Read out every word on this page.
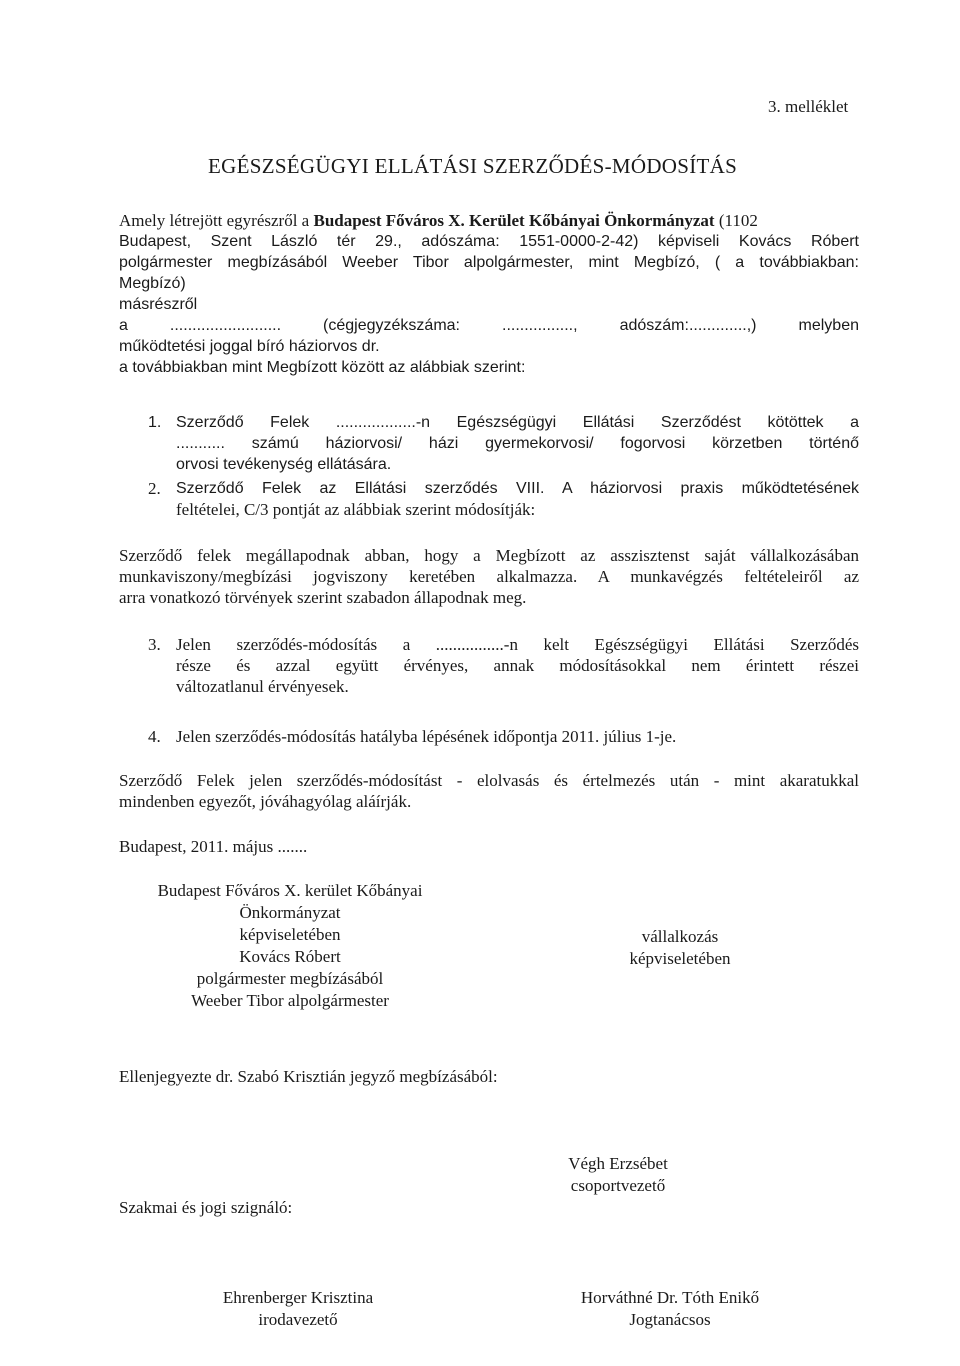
3. melléklet
EGÉSZSÉGÜGYI ELLÁTÁSI SZERZŐDÉS-MÓDOSÍTÁS

Amely létrejött egyrészről a Budapest Főváros X. Kerület Kőbányai Önkormányzat (1102

Budapest, Szent László tér 29., adószáma: 1551-0000-2-42) képviseli Kovács Róbert

polgármester megbízásából Weeber Tibor alpolgármester, mint Megbízó, ( a továbbiakban:

Megbízó)

másrészről

a ......................... (cégjegyzékszáma: ................, adószám:.............,) melyben

működtetési joggal bíró háziorvos dr.

a továbbiakban mint Megbízott között az alábbiak szerint:

1. Szerződő Felek ..................-n Egészségügyi Ellátási Szerződést kötöttek a

........... számú háziorvosi/ házi gyermekorvosi/ fogorvosi körzetben történő

orvosi tevékenység ellátására.

2. Szerződő Felek az Ellátási szerződés VIII. A háziorvosi praxis működtetésének

feltételei, C/3 pontját az alábbiak szerint módosítják:

Szerződő felek megállapodnak abban, hogy a Megbízott az asszisztenst saját vállalkozásában

munkaviszony/megbízási jogviszony keretében alkalmazza. A munkavégzés feltételeiről az

arra vonatkozó törvények szerint szabadon állapodnak meg.

3. Jelen szerződés-módosítás a ................-n kelt Egészségügyi Ellátási Szerződés

része és azzal együtt érvényes, annak módosításokkal nem érintett részei

változatlanul érvényesek.

4. Jelen szerződés-módosítás hatályba lépésének időpontja 2011. július 1-je.

Szerződő Felek jelen szerződés-módosítást - elolvasás és értelmezés után - mint akaratukkal

mindenben egyezőt, jóváhagyólag aláírják.

Budapest, 2011. május .......
Budapest Főváros X. kerület Kőbányai
Önkormányzat
képviseletében
Kovács Róbert
polgármester megbízásából
Weeber Tibor alpolgármester
vállalkozás
képviseletében
Ellenjegyezte dr. Szabó Krisztián jegyző megbízásából:
Végh Erzsébet
csoportvezető
Szakmai és jogi szignáló:
Ehrenberger Krisztina
irodavezető
Horváthné Dr. Tóth Enikő
Jogtanácsos
